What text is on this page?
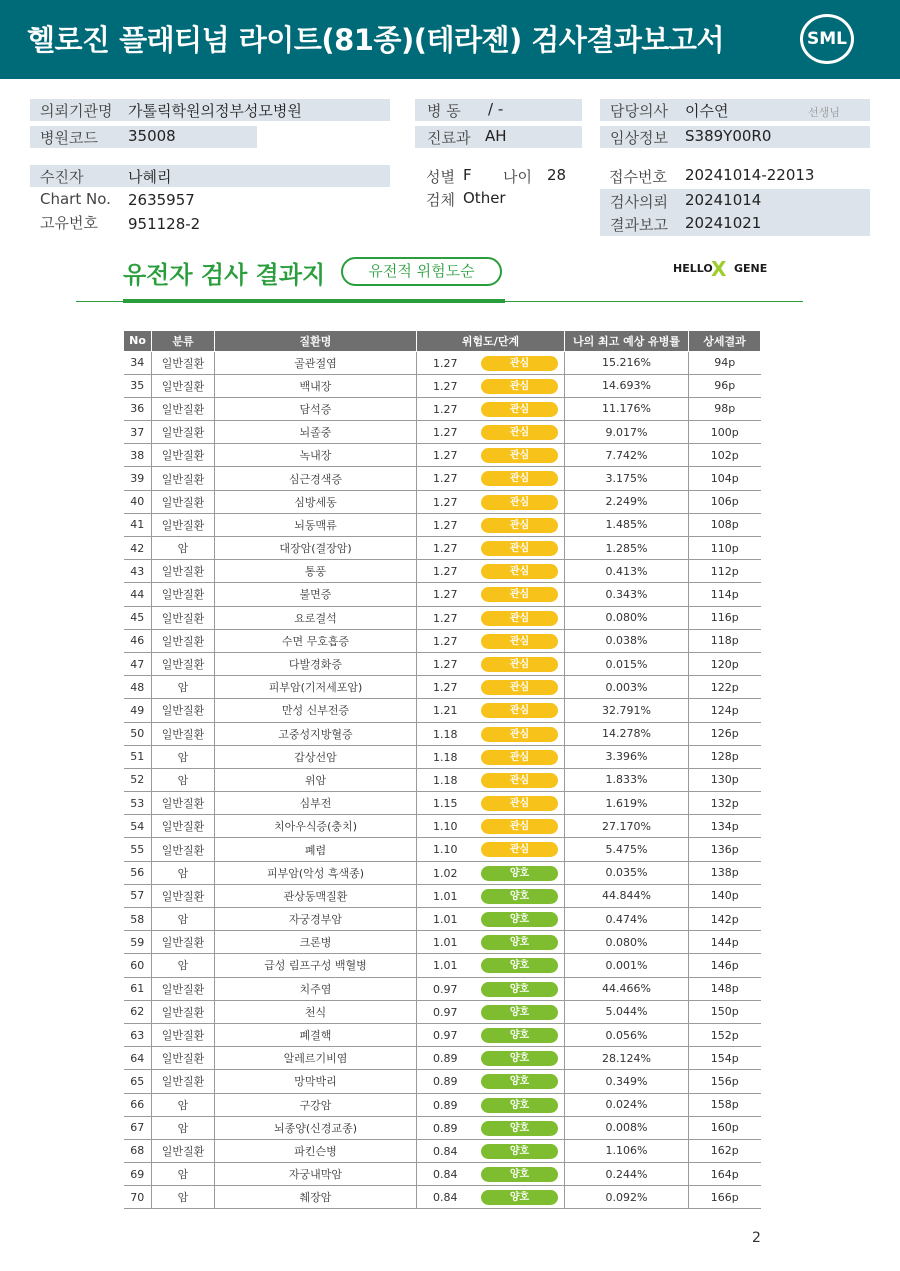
헬로진 플래티넘 라이트(81종)(테라젠) 검사결과보고서	SML
의뢰기관명 가톨릭학원의정부성모병원	병 동 / -	담당의사 이수연	선생님
병원코드 35008	진료과 AH	임상정보 S389Y00R0
수진자	나혜리	성별 F 나이 28	접수번호 20241014-22013
Chart No. 2635957	검체 Other	검사의뢰 20241014
결과보고 20241021
고유번호 951128-2
유전자 검사 결과지	유전적 위험도순	HELLO
X GENE
No	분류	질환명	위험도/단계	나의 최고 예상 유병률	상세결과
34	일반질환	골관절염	1.27 관심	15.216%	94p
35	일반질환	백내장	1.27 관심	14.693%	96p
36	일반질환	담석증	1.27 관심	11.176%	98p
37	일반질환	뇌졸중	1.27 관심	9.017%	100p
38	일반질환	녹내장	1.27 관심	7.742%	102p
39	일반질환	심근경색증	1.27 관심	3.175%	104p
40	일반질환	심방세동	1.27 관심	2.249%	106p
41	일반질환	뇌동맥류	1.27 관심	1.485%	108p
42	암	대장암(결장암)	1.27 관심	1.285%	110p
43	일반질환	통풍	1.27 관심	0.413%	112p
44	일반질환	불면증	1.27 관심	0.343%	114p
45	일반질환	요로결석	1.27 관심	0.080%	116p
46	일반질환	수면 무호흡증	1.27 관심	0.038%	118p
47	일반질환	다발경화증	1.27 관심	0.015%	120p
48	암	피부암(기저세포암)	1.27 관심	0.003%	122p
49	일반질환	만성 신부전증	1.21 관심	32.791%	124p
50	일반질환	고중성지방혈증	1.18 관심	14.278%	126p
51	암	갑상선암	1.18 관심	3.396%	128p
52	암	위암	1.18 관심	1.833%	130p
53	일반질환	심부전	1.15 관심	1.619%	132p
54	일반질환	치아우식증(충치)	1.10 관심	27.170%	134p
55	일반질환	폐렴	1.10 관심	5.475%	136p
56	암	피부암(악성 흑색종)	1.02 양호	0.035%	138p
57	일반질환	관상동맥질환	1.01 양호	44.844%	140p
58	암	자궁경부암	1.01 양호	0.474%	142p
59	일반질환	크론병	1.01 양호	0.080%	144p
60	암	급성 림프구성 백혈병	1.01 양호	0.001%	146p
61	일반질환	치주염	0.97 양호	44.466%	148p
62	일반질환	천식	0.97 양호	5.044%	150p
63	일반질환	폐결핵	0.97 양호	0.056%	152p
64	일반질환	알레르기비염	0.89 양호	28.124%	154p
65	일반질환	망막박리	0.89 양호	0.349%	156p
66	암	구강암	0.89 양호	0.024%	158p
67	암	뇌종양(신경교종)	0.89 양호	0.008%	160p
68	일반질환	파킨슨병	0.84 양호	1.106%	162p
69	암	자궁내막암	0.84 양호	0.244%	164p
70	암	췌장암	0.84 양호	0.092%	166p
2
